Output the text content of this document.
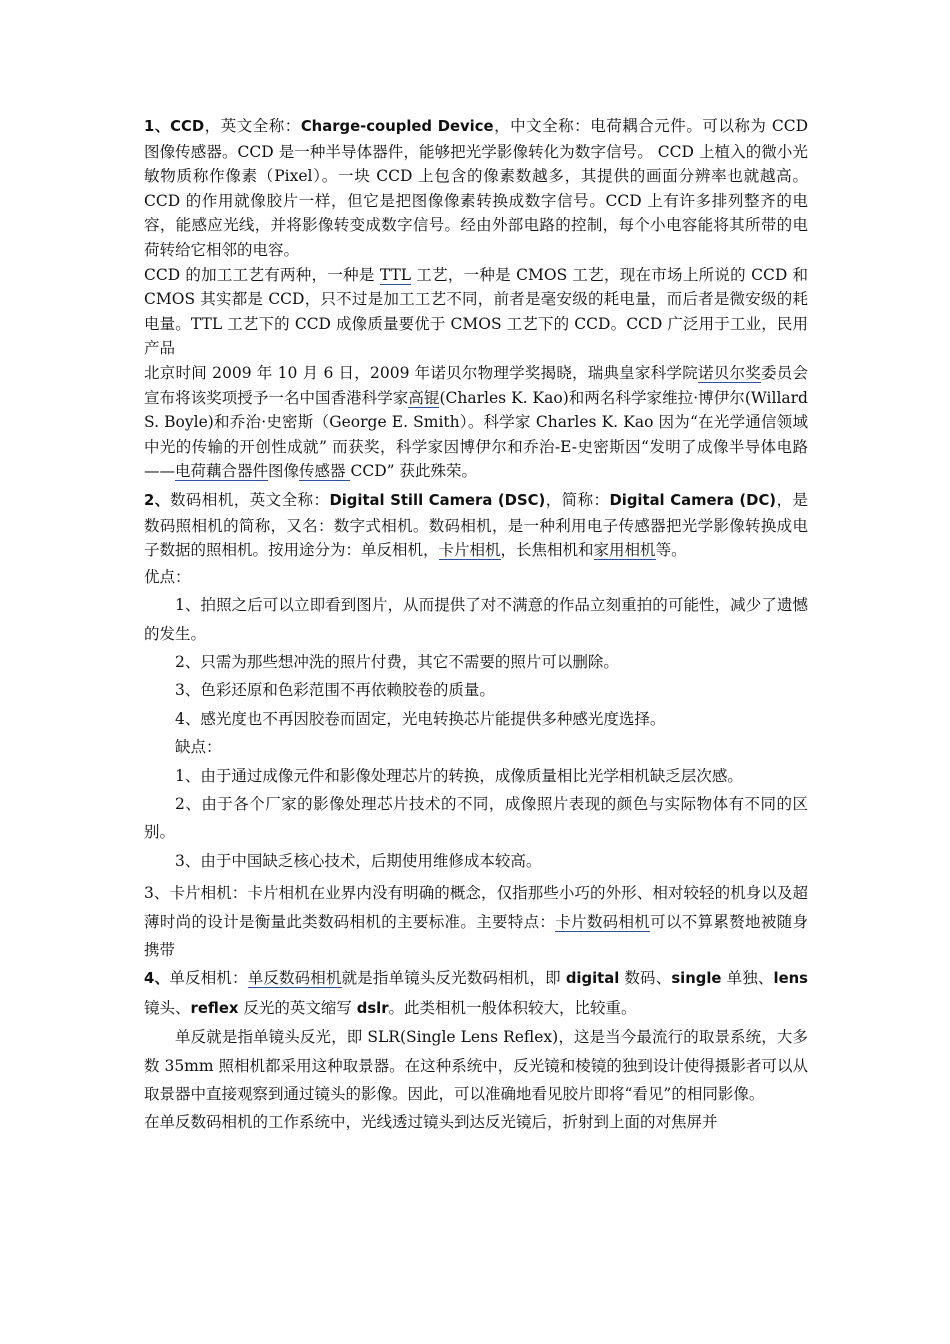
1、CCD，英文全称：Charge-coupled Device，中文全称：电荷耦合元件。可以称为 CCD 图像传感器。CCD 是一种半导体器件，能够把光学影像转化为数字信号。 CCD 上植入的微小光敏物质称作像素（Pixel）。一块 CCD 上包含的像素数越多，其提供的画面分辨率也就越高。CCD 的作用就像胶片一样，但它是把图像像素转换成数字信号。CCD 上有许多排列整齐的电容，能感应光线，并将影像转变成数字信号。经由外部电路的控制，每个小电容能将其所带的电荷转给它相邻的电容。

CCD 的加工工艺有两种，一种是 TTL 工艺，一种是 CMOS 工艺，现在市场上所说的 CCD 和 CMOS 其实都是 CCD，只不过是加工工艺不同，前者是毫安级的耗电量，而后者是微安级的耗电量。TTL 工艺下的 CCD 成像质量要优于 CMOS 工艺下的 CCD。CCD 广泛用于工业，民用产品

北京时间 2009 年 10 月 6 日，2009 年诺贝尔物理学奖揭晓，瑞典皇家科学院诺贝尔奖委员会宣布将该奖项授予一名中国香港科学家高锟(Charles K. Kao)和两名科学家维拉·博伊尔(Willard S. Boyle)和乔治·史密斯（George E. Smith）。科学家 Charles K. Kao 因为“在光学通信领域中光的传输的开创性成就” 而获奖，科学家因博伊尔和乔治-E-史密斯因“发明了成像半导体电路——电荷藕合器件图像传感器 CCD” 获此殊荣。

2、数码相机，英文全称：Digital Still Camera (DSC)，简称：Digital Camera (DC)，是数码照相机的简称，又名：数字式相机。数码相机，是一种利用电子传感器把光学影像转换成电子数据的照相机。按用途分为：单反相机，卡片相机，长焦相机和家用相机等。

优点：

1、拍照之后可以立即看到图片，从而提供了对不满意的作品立刻重拍的可能性，减少了遗憾的发生。

2、只需为那些想冲洗的照片付费，其它不需要的照片可以删除。

3、色彩还原和色彩范围不再依赖胶卷的质量。

4、感光度也不再因胶卷而固定，光电转换芯片能提供多种感光度选择。

缺点：

1、由于通过成像元件和影像处理芯片的转换，成像质量相比光学相机缺乏层次感。

2、由于各个厂家的影像处理芯片技术的不同，成像照片表现的颜色与实际物体有不同的区别。

3、由于中国缺乏核心技术，后期使用维修成本较高。

3、卡片相机：卡片相机在业界内没有明确的概念，仅指那些小巧的外形、相对较轻的机身以及超薄时尚的设计是衡量此类数码相机的主要标准。主要特点：卡片数码相机可以不算累赘地被随身携带

4、单反相机：单反数码相机就是指单镜头反光数码相机，即 digital 数码、single 单独、lens 镜头、reflex 反光的英文缩写 dslr。此类相机一般体积较大，比较重。

单反就是指单镜头反光，即 SLR(Single Lens Reflex)，这是当今最流行的取景系统，大多数 35mm 照相机都采用这种取景器。在这种系统中，反光镜和棱镜的独到设计使得摄影者可以从取景器中直接观察到通过镜头的影像。因此，可以准确地看见胶片即将“看见”的相同影像。

在单反数码相机的工作系统中，光线透过镜头到达反光镜后，折射到上面的对焦屏并
